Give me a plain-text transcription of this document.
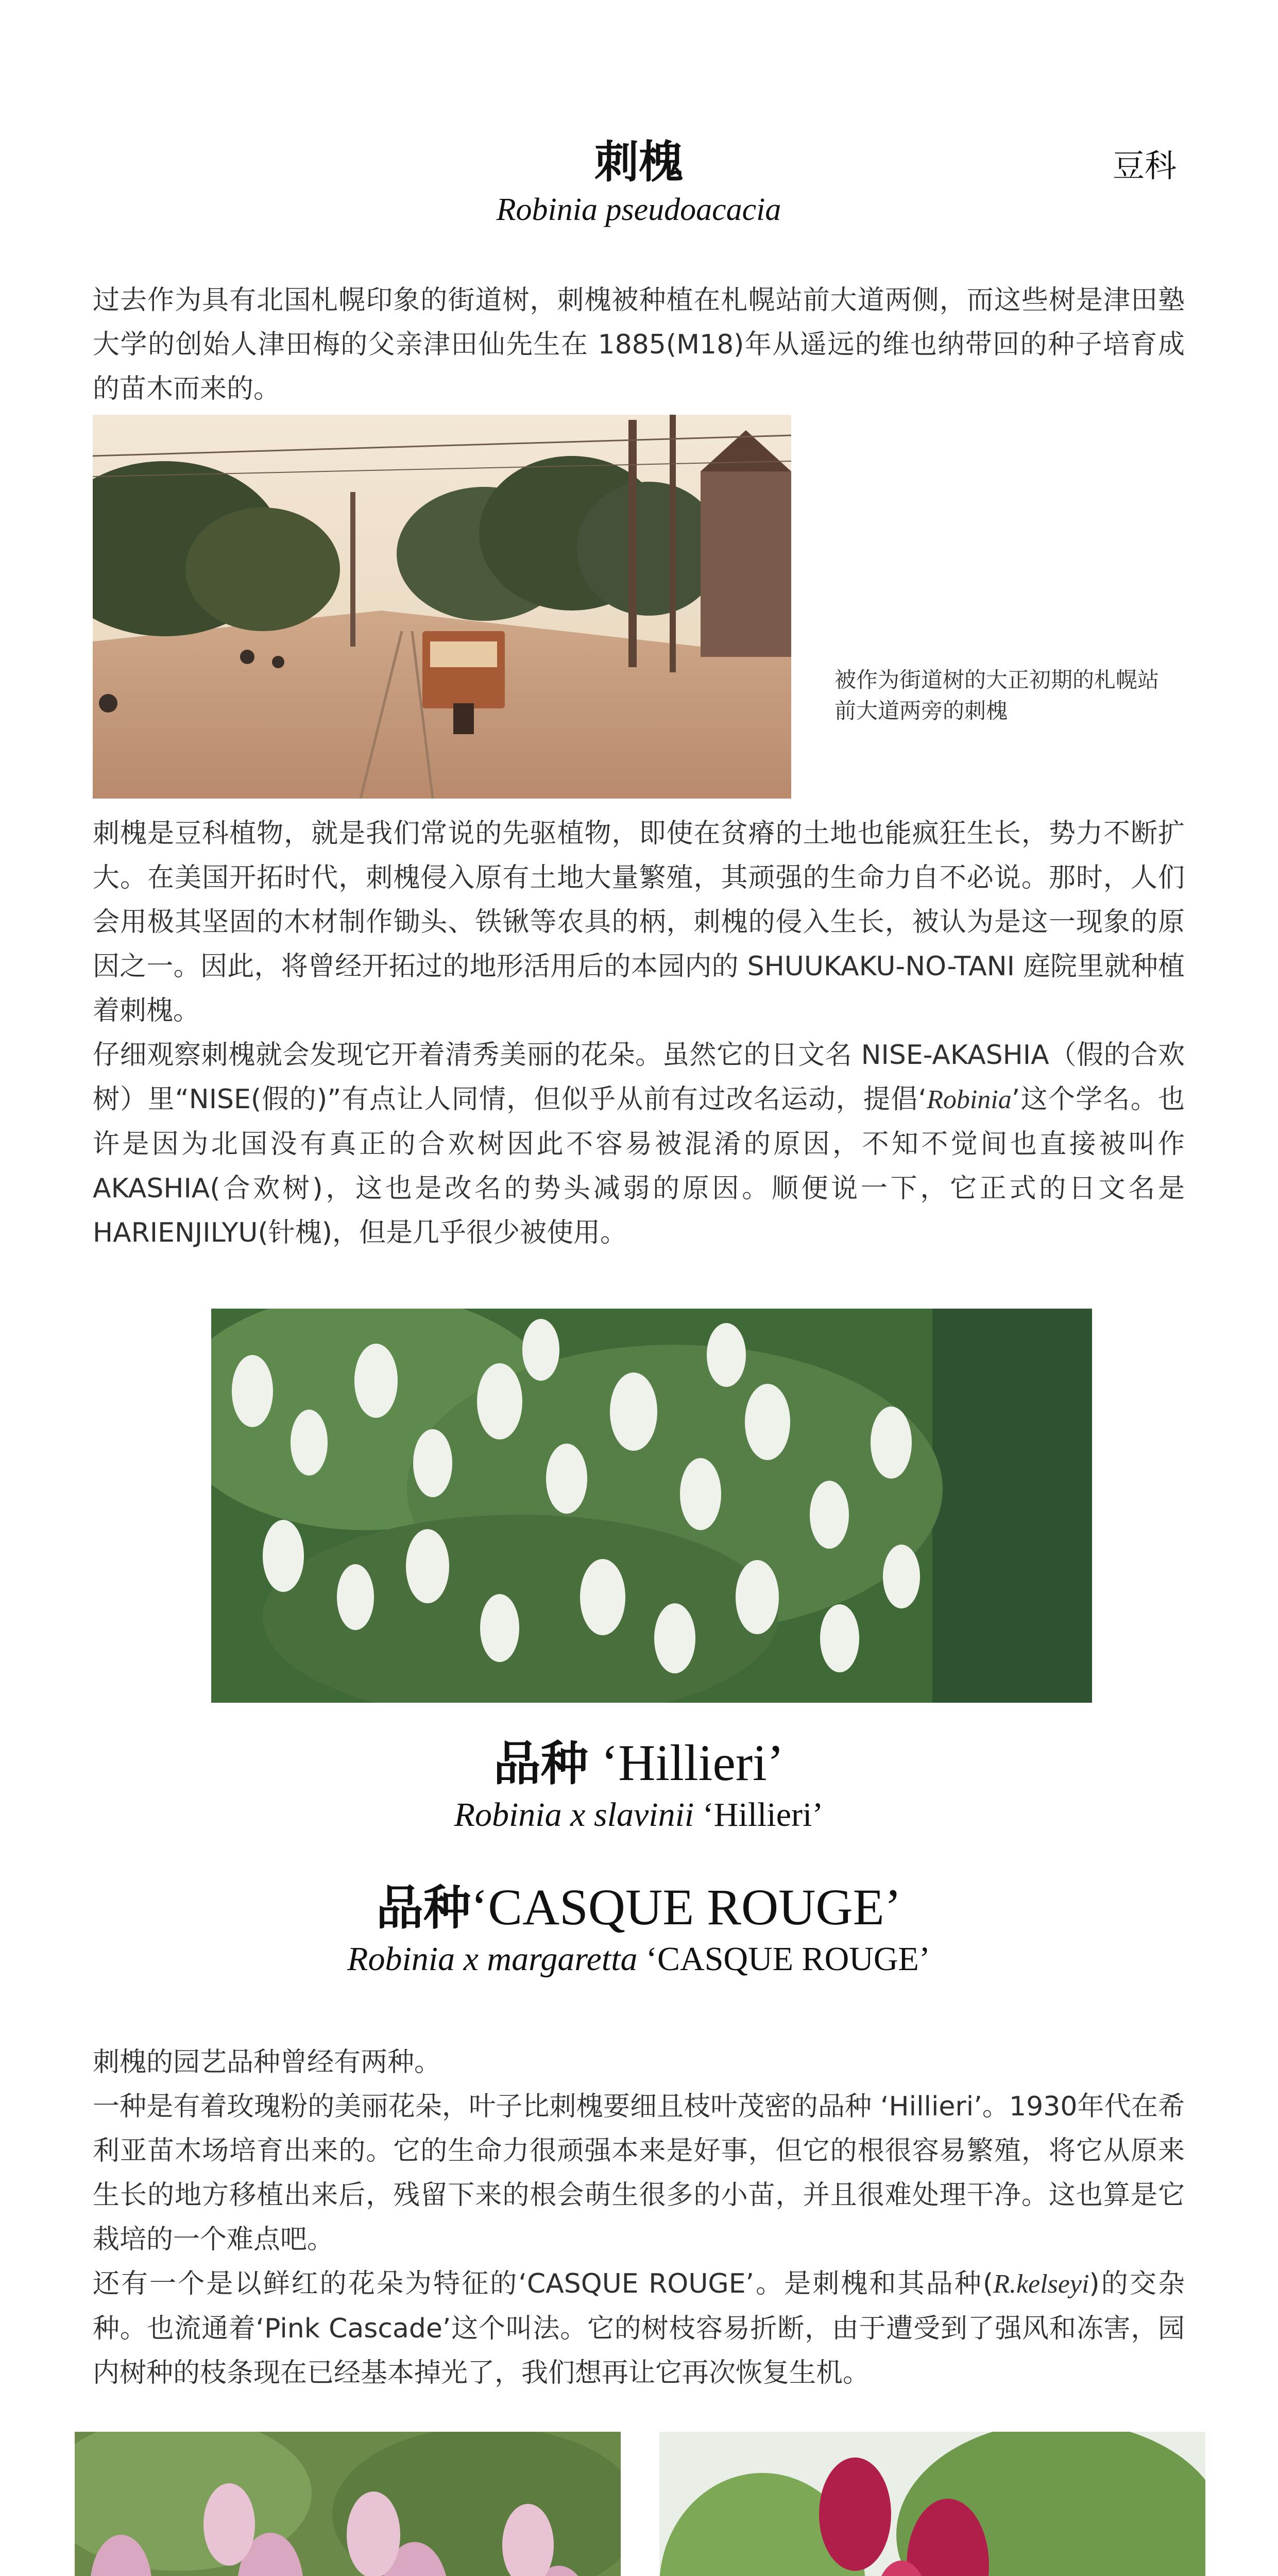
刺槐	豆科
Robinia pseudoacacia

过去作为具有北国札幌印象的街道树，刺槐被种植在札幌站前大道两侧，而这些树是津田塾大学的创始人津田梅的父亲津田仙先生在 1885(M18)年从遥远的维也纳带回的种子培育成的苗木而来的。

被作为街道树的大正初期的札幌站前大道两旁的刺槐

刺槐是豆科植物，就是我们常说的先驱植物，即使在贫瘠的土地也能疯狂生长，势力不断扩大。在美国开拓时代，刺槐侵入原有土地大量繁殖，其顽强的生命力自不必说。那时，人们会用极其坚固的木材制作锄头、铁锹等农具的柄，刺槐的侵入生长，被认为是这一现象的原因之一。因此，将曾经开拓过的地形活用后的本园内的 SHUUKAKU-NO-TANI 庭院里就种植着刺槐。

仔细观察刺槐就会发现它开着清秀美丽的花朵。虽然它的日文名 NISE-AKASHIA（假的合欢树）里“NISE(假的)”有点让人同情，但似乎从前有过改名运动，提倡‘Robinia’这个学名。也许是因为北国没有真正的合欢树因此不容易被混淆的原因，不知不觉间也直接被叫作 AKASHIA(合欢树)，这也是改名的势头减弱的原因。顺便说一下，它正式的日文名是 HARIENJILYU(针槐)，但是几乎很少被使用。

品种 ‘Hillieri’
Robinia x slavinii ‘Hillieri’
品种‘CASQUE ROUGE’
Robinia x margaretta ‘CASQUE ROUGE’

刺槐的园艺品种曾经有两种。

一种是有着玫瑰粉的美丽花朵，叶子比刺槐要细且枝叶茂密的品种 ‘Hillieri’。1930年代在希利亚苗木场培育出来的。它的生命力很顽强本来是好事，但它的根很容易繁殖，将它从原来生长的地方移植出来后，残留下来的根会萌生很多的小苗，并且很难处理干净。这也算是它栽培的一个难点吧。

还有一个是以鲜红的花朵为特征的‘CASQUE ROUGE’。是刺槐和其品种(R.kelseyi)的交杂种。也流通着‘Pink Cascade’这个叫法。它的树枝容易折断，由于遭受到了强风和冻害，园内树种的枝条现在已经基本掉光了，我们想再让它再次恢复生机。
